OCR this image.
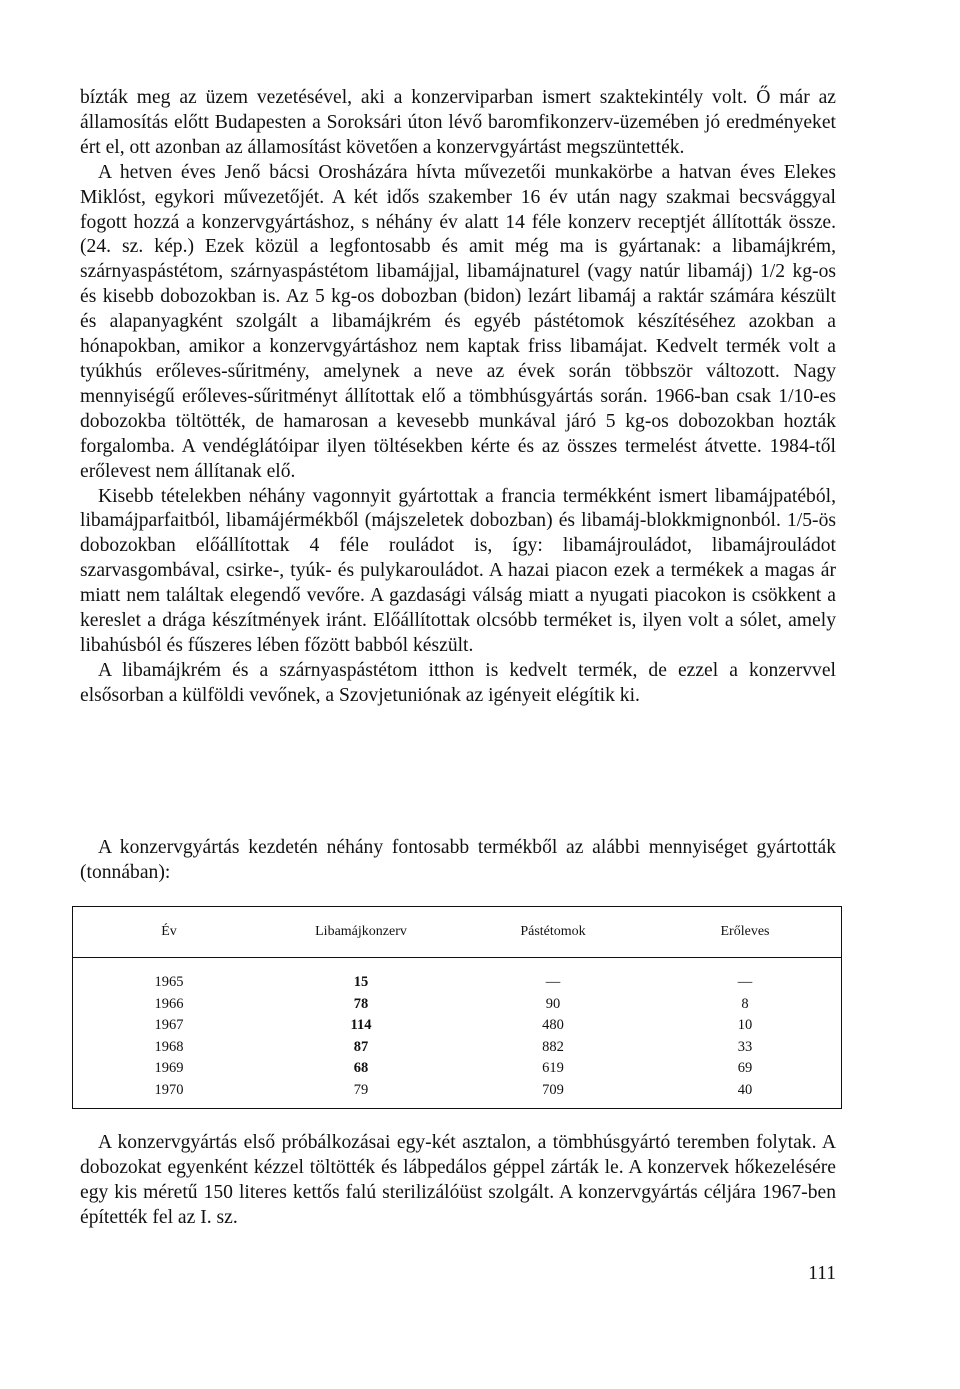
bízták meg az üzem vezetésével, aki a konzerviparban ismert szaktekintély volt. Ő már az államosítás előtt Budapesten a Soroksári úton lévő baromfikonzerv-üzemében jó eredményeket ért el, ott azonban az államosítást követően a konzervgyártást megszüntették.

A hetven éves Jenő bácsi Orosházára hívta művezetői munkakörbe a hatvan éves Elekes Miklóst, egykori művezetőjét. A két idős szakember 16 év után nagy szakmai becsvággyal fogott hozzá a konzervgyártáshoz, s néhány év alatt 14 féle konzerv receptjét állították össze. (24. sz. kép.) Ezek közül a legfontosabb és amit még ma is gyártanak: a libamájkrém, szárnyaspástétom, szárnyaspástétom libamájjal, libamájnaturel (vagy natúr libamáj) 1/2 kg-os és kisebb dobozokban is. Az 5 kg-os dobozban (bidon) lezárt libamáj a raktár számára készült és alapanyagként szolgált a libamájkrém és egyéb pástétomok készítéséhez azokban a hónapokban, amikor a konzervgyártáshoz nem kaptak friss libamájat. Kedvelt termék volt a tyúkhús erőleves-sűritmény, amelynek a neve az évek során többször változott. Nagy mennyiségű erőleves-sűritményt állítottak elő a tömbhúsgyártás során. 1966-ban csak 1/10-es dobozokba töltötték, de hamarosan a kevesebb munkával járó 5 kg-os dobozokban hozták forgalomba. A vendéglátóipar ilyen töltésekben kérte és az összes termelést átvette. 1984-től erőlevest nem állítanak elő.

Kisebb tételekben néhány vagonnyit gyártottak a francia termékként ismert libamájpatéból, libamájparfaitból, libamájérmékből (májszeletek dobozban) és libamáj-blokkmignonból. 1/5-ös dobozokban előállítottak 4 féle rouládot is, így: libamájrouládot, libamájrouládot szarvasgombával, csirke-, tyúk- és pulykarouládot. A hazai piacon ezek a termékek a magas ár miatt nem találtak elegendő vevőre. A gazdasági válság miatt a nyugati piacokon is csökkent a kereslet a drága készítmények iránt. Előállítottak olcsóbb terméket is, ilyen volt a sólet, amely libahúsból és fűszeres lében főzött babból készült.

A libamájkrém és a szárnyaspástétom itthon is kedvelt termék, de ezzel a konzervvel elsősorban a külföldi vevőnek, a Szovjetuniónak az igényeit elégítik ki.

A konzervgyártás kezdetén néhány fontosabb termékből az alábbi mennyiséget gyártották (tonnában):
Év	Libamájkonzerv	Pástétomok	Erőleves
1965	15	—	—
1966	78	90	8
1967	114	480	10
1968	87	882	33
1969	68	619	69
1970	79	709	40
A konzervgyártás első próbálkozásai egy-két asztalon, a tömbhúsgyártó teremben folytak. A dobozokat egyenként kézzel töltötték és lábpedálos géppel zárták le. A konzervek hőkezelésére egy kis méretű 150 literes kettős falú sterilizálóüst szolgált. A konzervgyártás céljára 1967-ben építették fel az I. sz.
111
